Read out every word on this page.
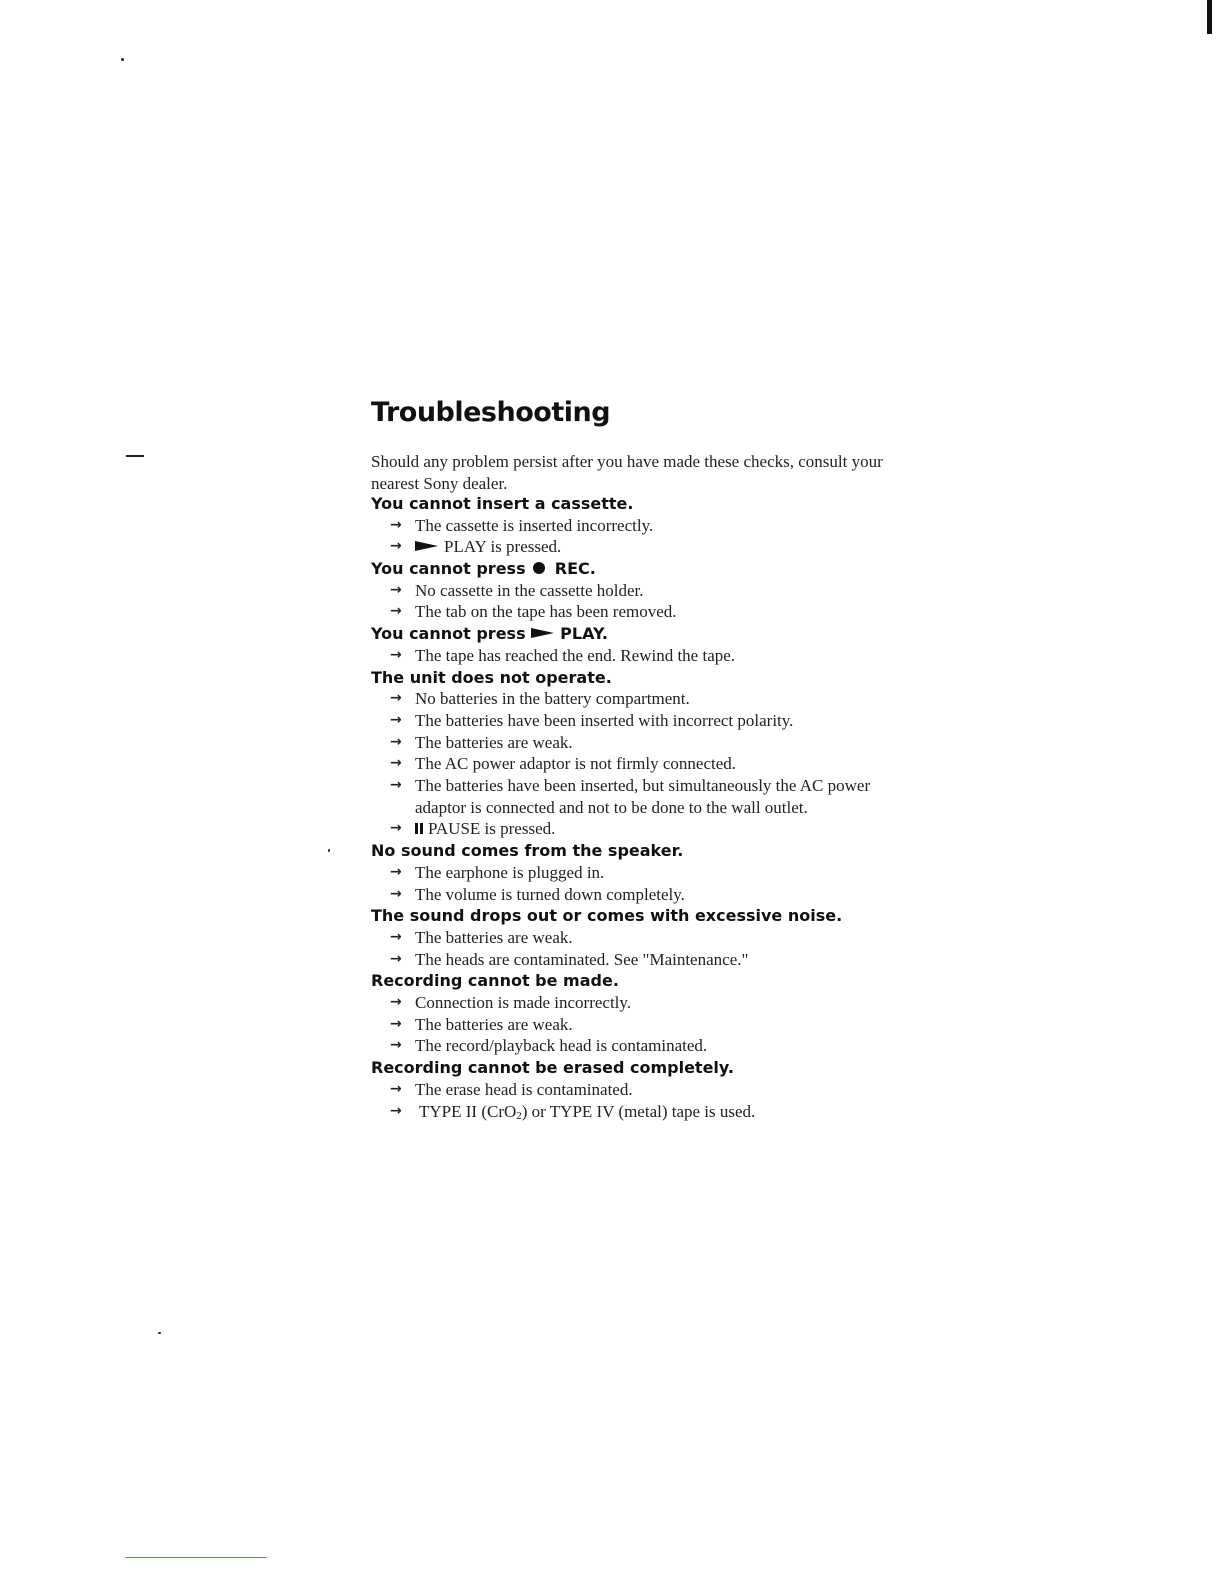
Troubleshooting

Should any problem persist after you have made these checks, consult your nearest Sony dealer.

You cannot insert a cassette.
→ The cassette is inserted incorrectly.
→	PLAY is pressed.
You cannot press REC.
→ No cassette in the cassette holder.
→ The tab on the tape has been removed.
You cannot press PLAY.
→ The tape has reached the end. Rewind the tape.
The unit does not operate.
→ No batteries in the battery compartment.
→ The batteries have been inserted with incorrect polarity.
→ The batteries are weak.
→ The AC power adaptor is not firmly connected.
→ The batteries have been inserted, but simultaneously the AC power adaptor is connected and not to be done to the wall outlet.
→	PAUSE is pressed.
No sound comes from the speaker.
→ The earphone is plugged in.
→ The volume is turned down completely.
The sound drops out or comes with excessive noise.
→ The batteries are weak.
→ The heads are contaminated. See "Maintenance."
Recording cannot be made.
→ Connection is made incorrectly.
→ The batteries are weak.
→ The record/playback head is contaminated.
Recording cannot be erased completely.
→ The erase head is contaminated.
→	TYPE II (CrO2) or TYPE IV (metal) tape is used.
